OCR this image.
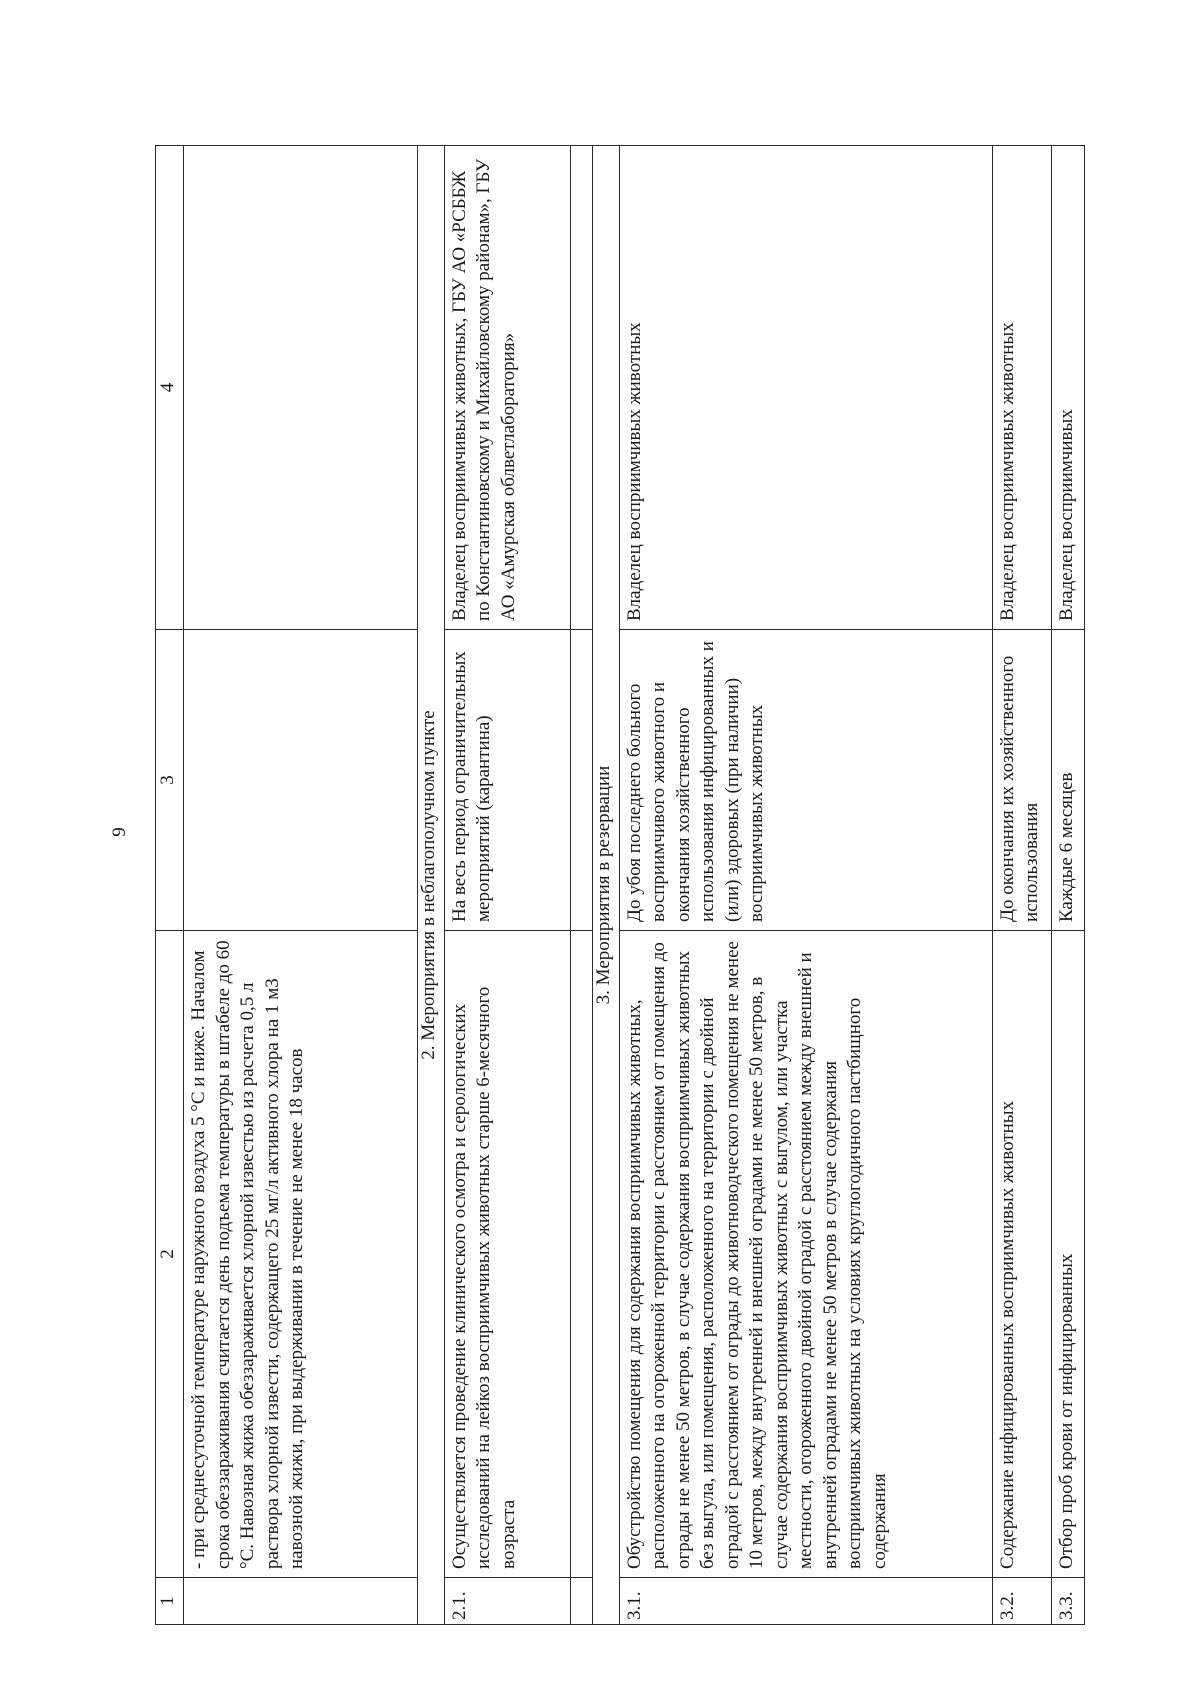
9
1	2	3	4
	- при среднесуточной температуре наружного воздуха 5 °С и ниже. Началом срока обеззараживания считается день подъема температуры в штабеле до 60 °С. Навозная жижа обеззараживается хлорной известью из расчета 0,5 л раствора хлорной извести, содержащего 25 мг/л активного хлора на 1 м3 навозной жижи, при выдерживании в течение не менее 18 часов		
2. Мероприятия в неблагополучном пункте			
2.1.	Осуществляется проведение клинического осмотра и серологических исследований на лейкоз восприимчивых животных старше 6-месячного возраста	На весь период ограничительных мероприятий (карантина)	Владелец восприимчивых животных, ГБУ АО «РСББЖ по Константиновскому и Михайловскому районам», ГБУ АО «Амурская облветлаборатория»

3. Мероприятия в резервации			
3.1.	Обустройство помещения для содержания восприимчивых животных, расположенного на огороженной территории с расстоянием от помещения до ограды не менее 50 метров, в случае содержания восприимчивых животных без выгула, или помещения, расположенного на территории с двойной оградой с расстоянием от ограды до животноводческого помещения не менее 10 метров, между внутренней и внешней оградами не менее 50 метров, в случае содержания восприимчивых животных с выгулом, или участка местности, огороженного двойной оградой с расстоянием между внешней и внутренней оградами не менее 50 метров в случае содержания восприимчивых животных на условиях круглогодичного пастбищного содержания	До убоя последнего больного восприимчивого животного и окончания хозяйственного использования инфицированных и (или) здоровых (при наличии) восприимчивых животных	Владелец восприимчивых животных
3.2.	Содержание инфицированных восприимчивых животных	До окончания их хозяйственного использования	Владелец восприимчивых животных
3.3.	Отбор проб крови от инфицированных	Каждые 6 месяцев	Владелец восприимчивых
